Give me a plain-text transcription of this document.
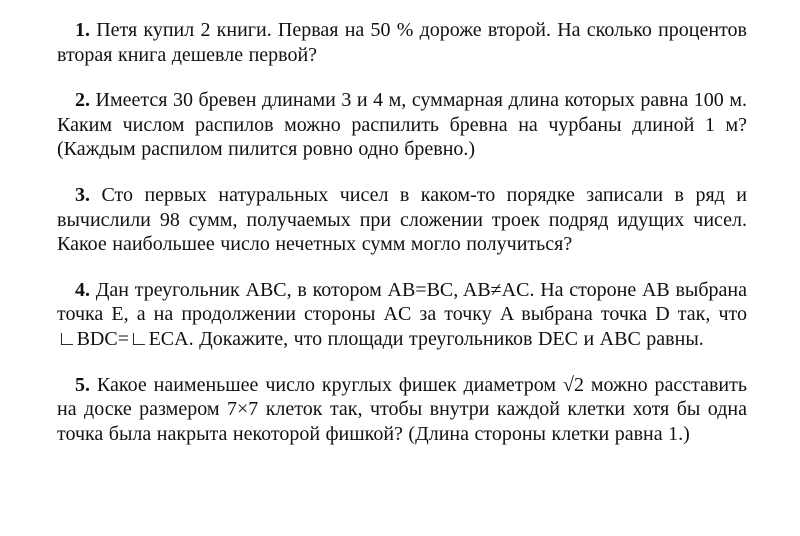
1. Петя купил 2 книги. Первая на 50 % дороже второй. На сколько процентов вторая книга дешевле первой?

2. Имеется 30 бревен длинами 3 и 4 м, суммарная длина которых равна 100 м. Каким числом распилов можно распилить бревна на чурбаны длиной 1 м? (Каждым распилом пилится ровно одно бревно.)

3. Сто первых натуральных чисел в каком-то порядке записали в ряд и вычислили 98 сумм, получаемых при сложении троек подряд идущих чисел. Какое наибольшее число нечетных сумм могло получиться?

4. Дан треугольник ABC, в котором AB=BC, AB≠AC. На стороне AB выбрана точка E, а на продолжении стороны AC за точку A выбрана точка D так, что ∟BDC=∟ECA. Докажите, что площади треугольников DEC и ABC равны.

5. Какое наименьшее число круглых фишек диаметром √2 можно расставить на доске размером 7×7 клеток так, чтобы внутри каждой клетки хотя бы одна точка была накрыта некоторой фишкой? (Длина стороны клетки равна 1.)
